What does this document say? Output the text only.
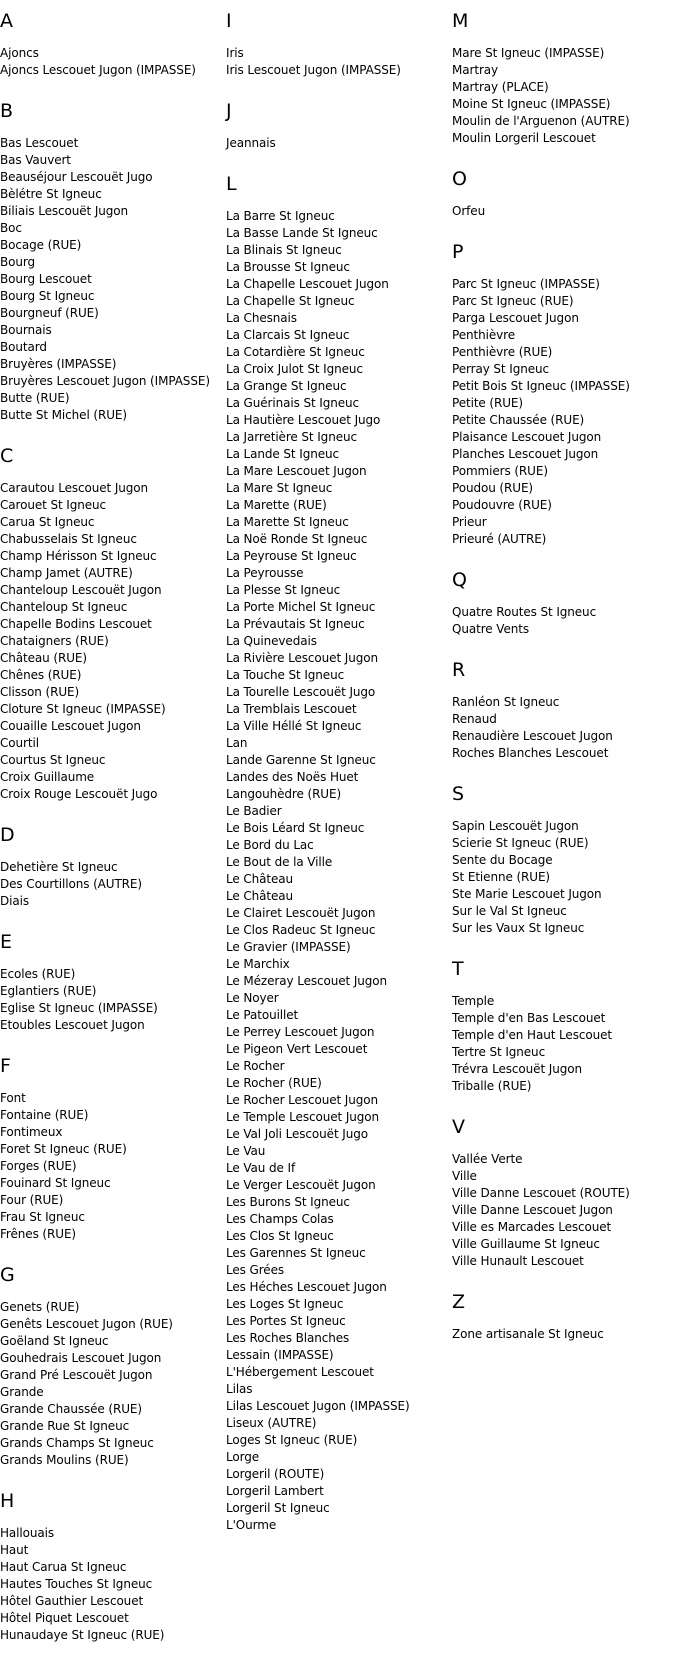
A
Ajoncs
Ajoncs Lescouet Jugon (IMPASSE)
B
Bas Lescouet
Bas Vauvert
Beauséjour Lescouët Jugo
Bèlétre St Igneuc
Biliais Lescouët Jugon
Boc
Bocage (RUE)
Bourg
Bourg Lescouet
Bourg St Igneuc
Bourgneuf (RUE)
Bournais
Boutard
Bruyères (IMPASSE)
Bruyères Lescouet Jugon (IMPASSE)
Butte (RUE)
Butte St Michel (RUE)
C
Carautou Lescouet Jugon
Carouet St Igneuc
Carua St Igneuc
Chabusselais St Igneuc
Champ Hérisson St Igneuc
Champ Jamet (AUTRE)
Chanteloup Lescouët Jugon
Chanteloup St Igneuc
Chapelle Bodins Lescouet
Chataigners (RUE)
Château (RUE)
Chênes (RUE)
Clisson (RUE)
Cloture St Igneuc (IMPASSE)
Couaille Lescouet Jugon
Courtil
Courtus St Igneuc
Croix Guillaume
Croix Rouge Lescouët Jugo
D
Dehetière St Igneuc
Des Courtillons (AUTRE)
Diais
E
Ecoles (RUE)
Eglantiers (RUE)
Eglise St Igneuc (IMPASSE)
Etoubles Lescouet Jugon
F
Font
Fontaine (RUE)
Fontimeux
Foret St Igneuc (RUE)
Forges (RUE)
Fouinard St Igneuc
Four (RUE)
Frau St Igneuc
Frênes (RUE)
G
Genets (RUE)
Genêts Lescouet Jugon (RUE)
Goëland St Igneuc
Gouhedrais Lescouet Jugon
Grand Pré Lescouët Jugon
Grande
Grande Chaussée (RUE)
Grande Rue St Igneuc
Grands Champs St Igneuc
Grands Moulins (RUE)
H
Hallouais
Haut
Haut Carua St Igneuc
Hautes Touches St Igneuc
Hôtel Gauthier Lescouet
Hôtel Piquet Lescouet
Hunaudaye St Igneuc (RUE)
I
Iris
Iris Lescouet Jugon (IMPASSE)
J
Jeannais
L
La Barre St Igneuc
La Basse Lande St Igneuc
La Blinais St Igneuc
La Brousse St Igneuc
La Chapelle Lescouet Jugon
La Chapelle St Igneuc
La Chesnais
La Clarcais St Igneuc
La Cotardière St Igneuc
La Croix Julot St Igneuc
La Grange St Igneuc
La Guérinais St Igneuc
La Hautière Lescouet Jugo
La Jarretière St Igneuc
La Lande St Igneuc
La Mare Lescouet Jugon
La Mare St Igneuc
La Marette (RUE)
La Marette St Igneuc
La Noë Ronde St Igneuc
La Peyrouse St Igneuc
La Peyrousse
La Plesse St Igneuc
La Porte Michel St Igneuc
La Prévautais St Igneuc
La Quinevedais
La Rivière Lescouet Jugon
La Touche St Igneuc
La Tourelle Lescouët Jugo
La Tremblais Lescouet
La Ville Héllé St Igneuc
Lan
Lande Garenne St Igneuc
Landes des Noës Huet
Langouhèdre (RUE)
Le Badier
Le Bois Léard St Igneuc
Le Bord du Lac
Le Bout de la Ville
Le Château
Le Château
Le Clairet Lescouët Jugon
Le Clos Radeuc St Igneuc
Le Gravier (IMPASSE)
Le Marchix
Le Mézeray Lescouet Jugon
Le Noyer
Le Patouillet
Le Perrey Lescouet Jugon
Le Pigeon Vert Lescouet
Le Rocher
Le Rocher (RUE)
Le Rocher Lescouet Jugon
Le Temple Lescouet Jugon
Le Val Joli Lescouët Jugo
Le Vau
Le Vau de If
Le Verger Lescouët Jugon
Les Burons St Igneuc
Les Champs Colas
Les Clos St Igneuc
Les Garennes St Igneuc
Les Grées
Les Héches Lescouet Jugon
Les Loges St Igneuc
Les Portes St Igneuc
Les Roches Blanches
Lessain (IMPASSE)
L'Hébergement Lescouet
Lilas
Lilas Lescouet Jugon (IMPASSE)
Liseux (AUTRE)
Loges St Igneuc (RUE)
Lorge
Lorgeril (ROUTE)
Lorgeril Lambert
Lorgeril St Igneuc
L'Ourme
M
Mare St Igneuc (IMPASSE)
Martray
Martray (PLACE)
Moine St Igneuc (IMPASSE)
Moulin de l'Arguenon (AUTRE)
Moulin Lorgeril Lescouet
O
Orfeu
P
Parc St Igneuc (IMPASSE)
Parc St Igneuc (RUE)
Parga Lescouet Jugon
Penthièvre
Penthièvre (RUE)
Perray St Igneuc
Petit Bois St Igneuc (IMPASSE)
Petite (RUE)
Petite Chaussée (RUE)
Plaisance Lescouet Jugon
Planches Lescouet Jugon
Pommiers (RUE)
Poudou (RUE)
Poudouvre (RUE)
Prieur
Prieuré (AUTRE)
Q
Quatre Routes St Igneuc
Quatre Vents
R
Ranléon St Igneuc
Renaud
Renaudière Lescouet Jugon
Roches Blanches Lescouet
S
Sapin Lescouët Jugon
Scierie St Igneuc (RUE)
Sente du Bocage
St Etienne (RUE)
Ste Marie Lescouet Jugon
Sur le Val St Igneuc
Sur les Vaux St Igneuc
T
Temple
Temple d'en Bas Lescouet
Temple d'en Haut Lescouet
Tertre St Igneuc
Trévra Lescouët Jugon
Triballe (RUE)
V
Vallée Verte
Ville
Ville Danne Lescouet (ROUTE)
Ville Danne Lescouet Jugon
Ville es Marcades Lescouet
Ville Guillaume St Igneuc
Ville Hunault Lescouet
Z
Zone artisanale St Igneuc
